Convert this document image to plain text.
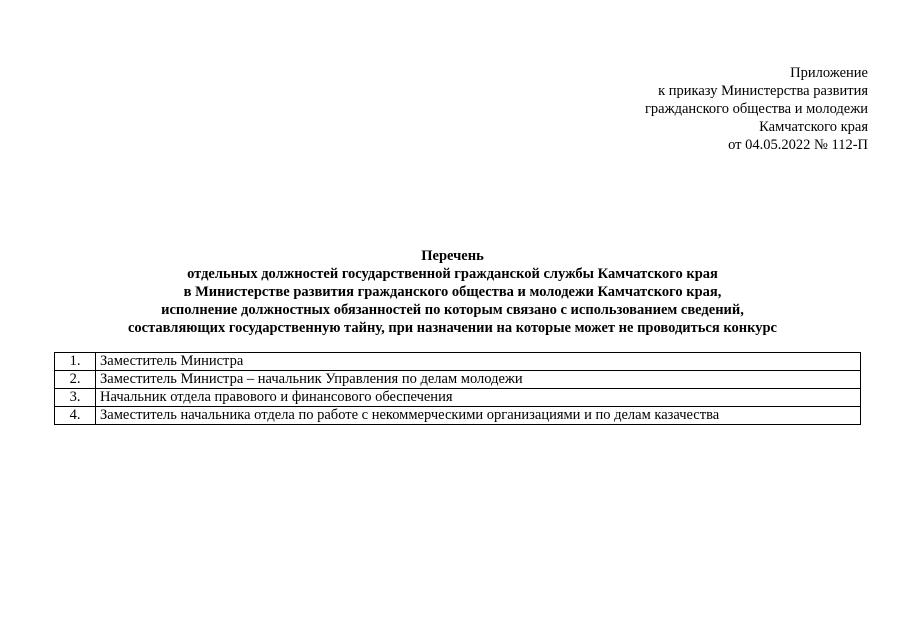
Приложение
к приказу Министерства развития
гражданского общества и молодежи
Камчатского края
от 04.05.2022 № 112-П
Перечень
отдельных должностей государственной гражданской службы Камчатского края
в Министерстве развития гражданского общества и молодежи Камчатского края,
исполнение должностных обязанностей по которым связано с использованием сведений,
составляющих государственную тайну, при назначении на которые может не проводиться конкурс
1.	Заместитель Министра
2.	Заместитель Министра – начальник Управления по делам молодежи
3.	Начальник отдела правового и финансового обеспечения
4.	Заместитель начальника отдела по работе с некоммерческими организациями и по делам казачества
